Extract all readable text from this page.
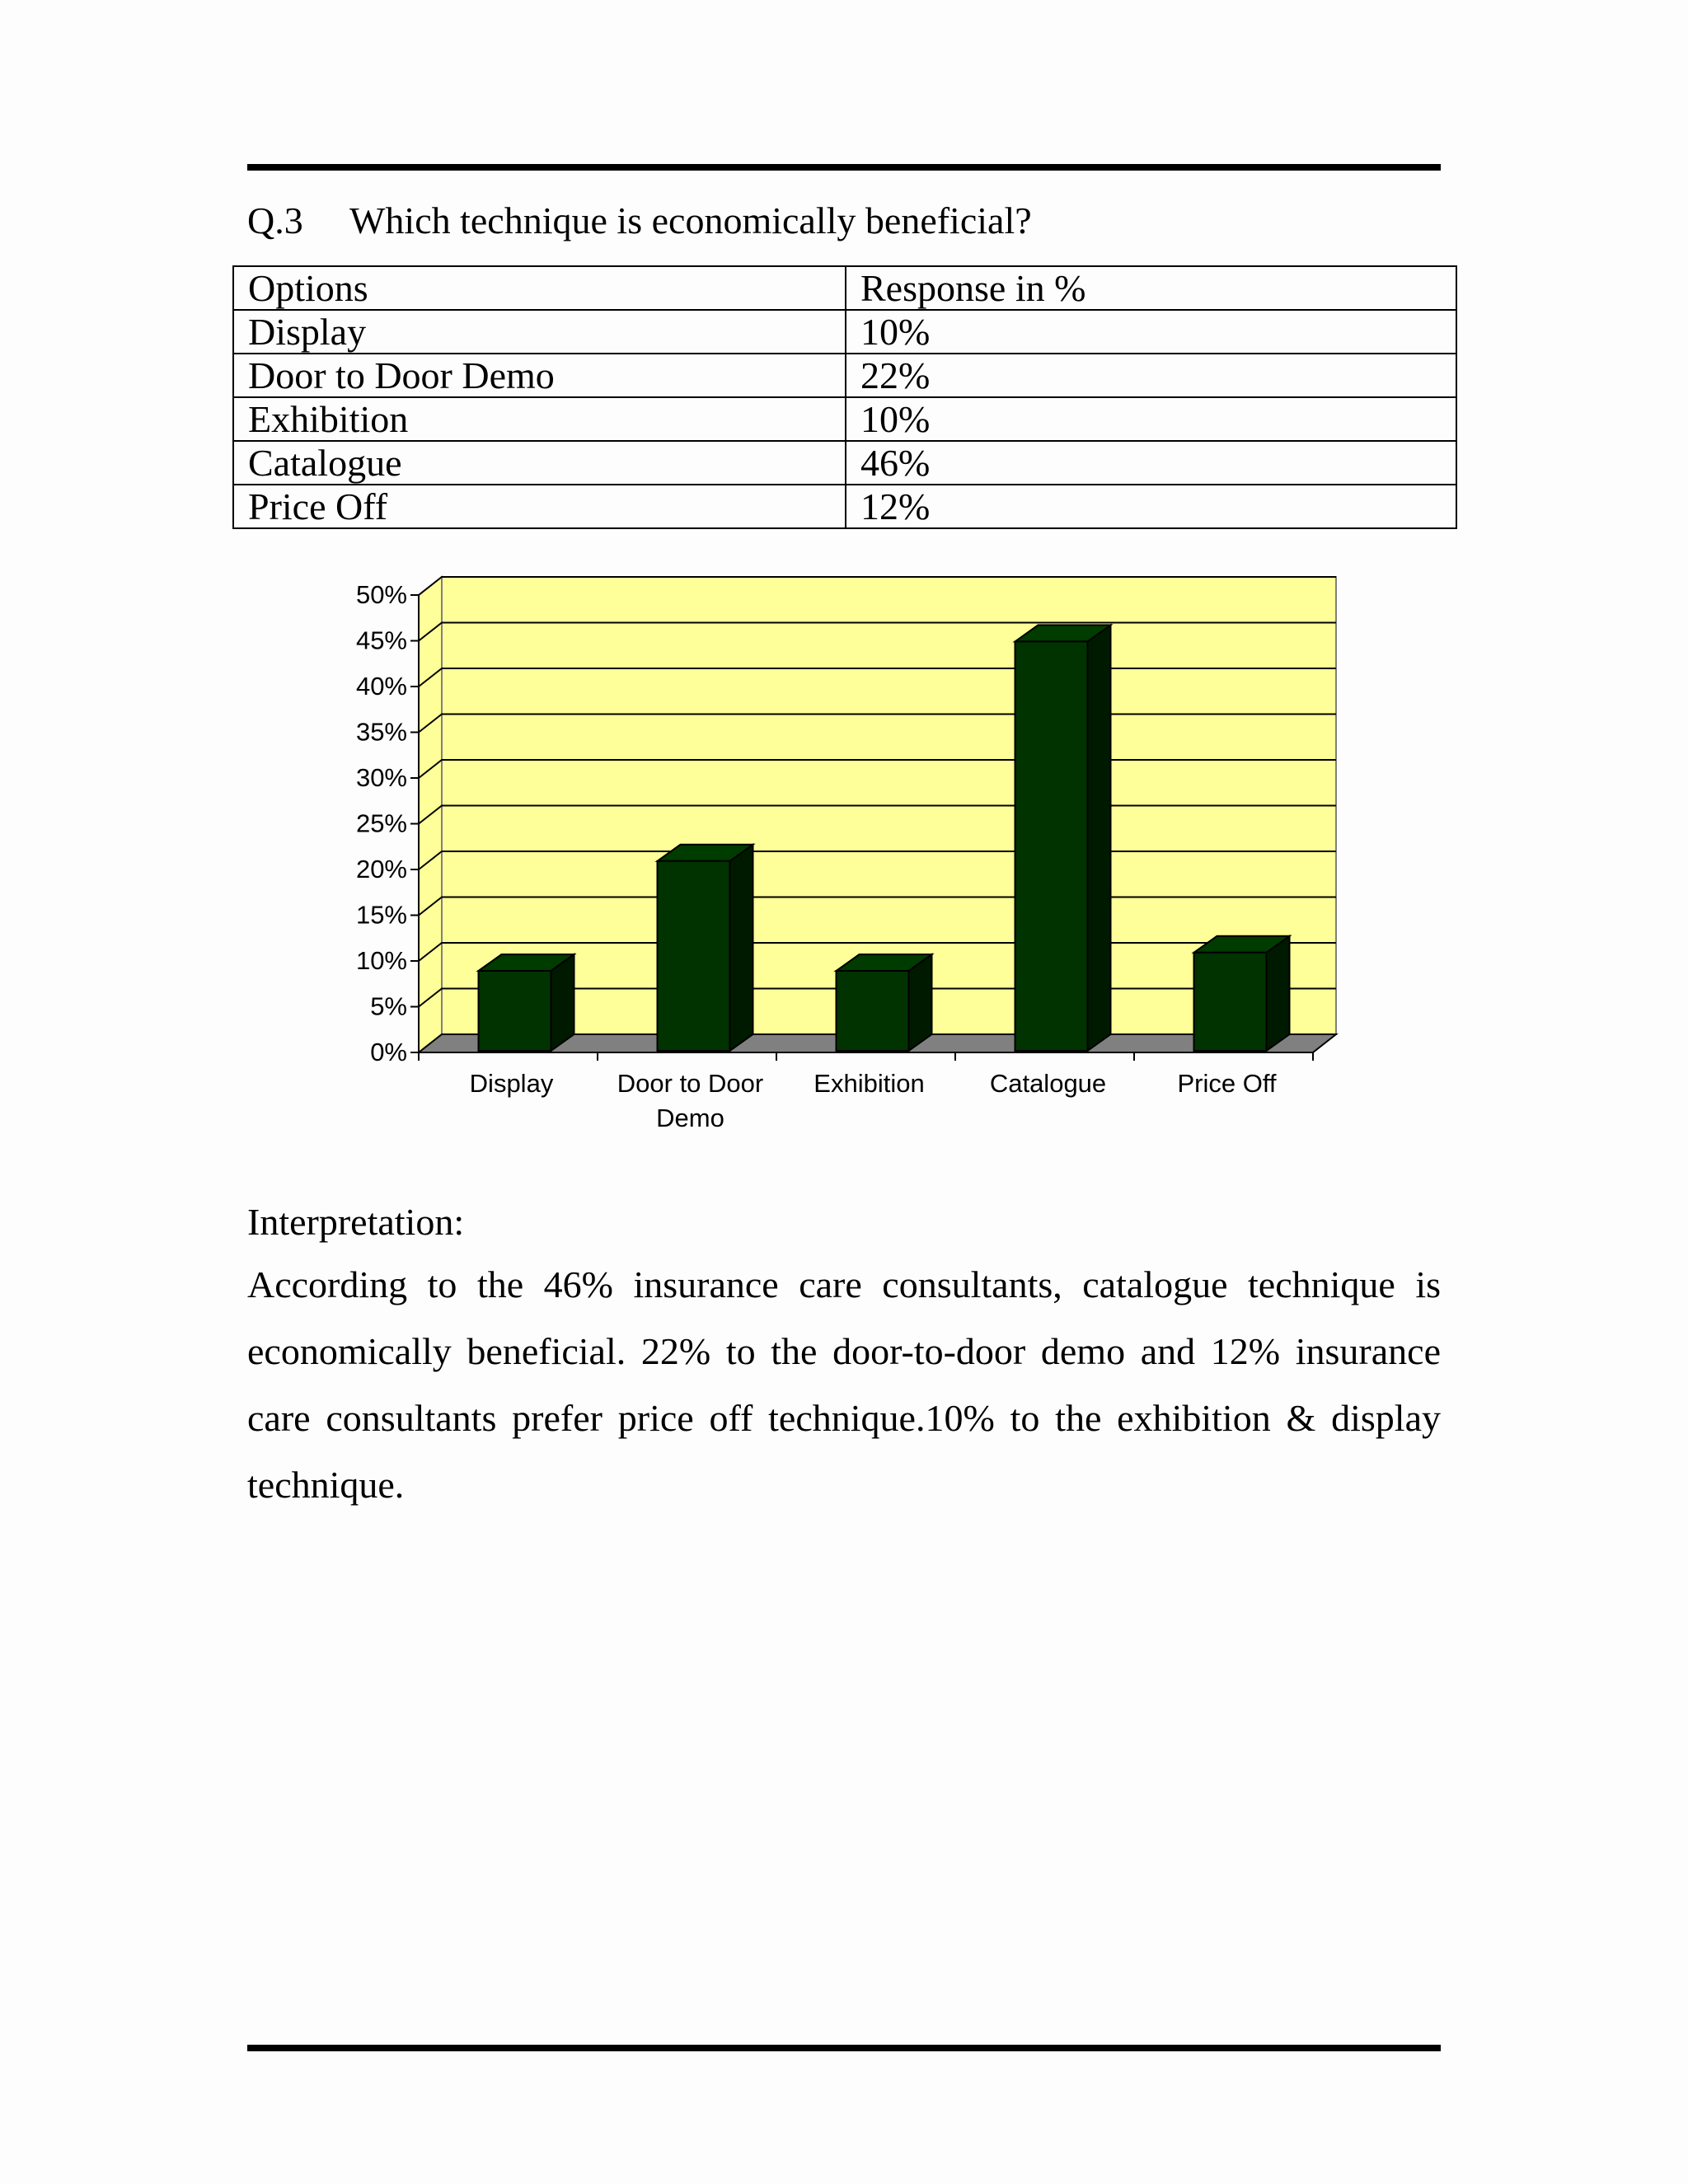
Q.3 Which technique is economically beneficial?
Options	Response in %
Display	10%
Door to Door Demo	22%
Exhibition	10%
Catalogue	46%
Price Off	12%
0%
5%
10%
15%
20%
25%
30%
35%
40%
45%
50%
Display Door to Door Demo
Exhibition	Catalogue	Price Off
Interpretation:
According to the 46% insurance care consultants, catalogue technique is economically beneficial. 22% to the door-to-door demo and 12% insurance care consultants prefer price off technique.10% to the exhibition & display technique.
